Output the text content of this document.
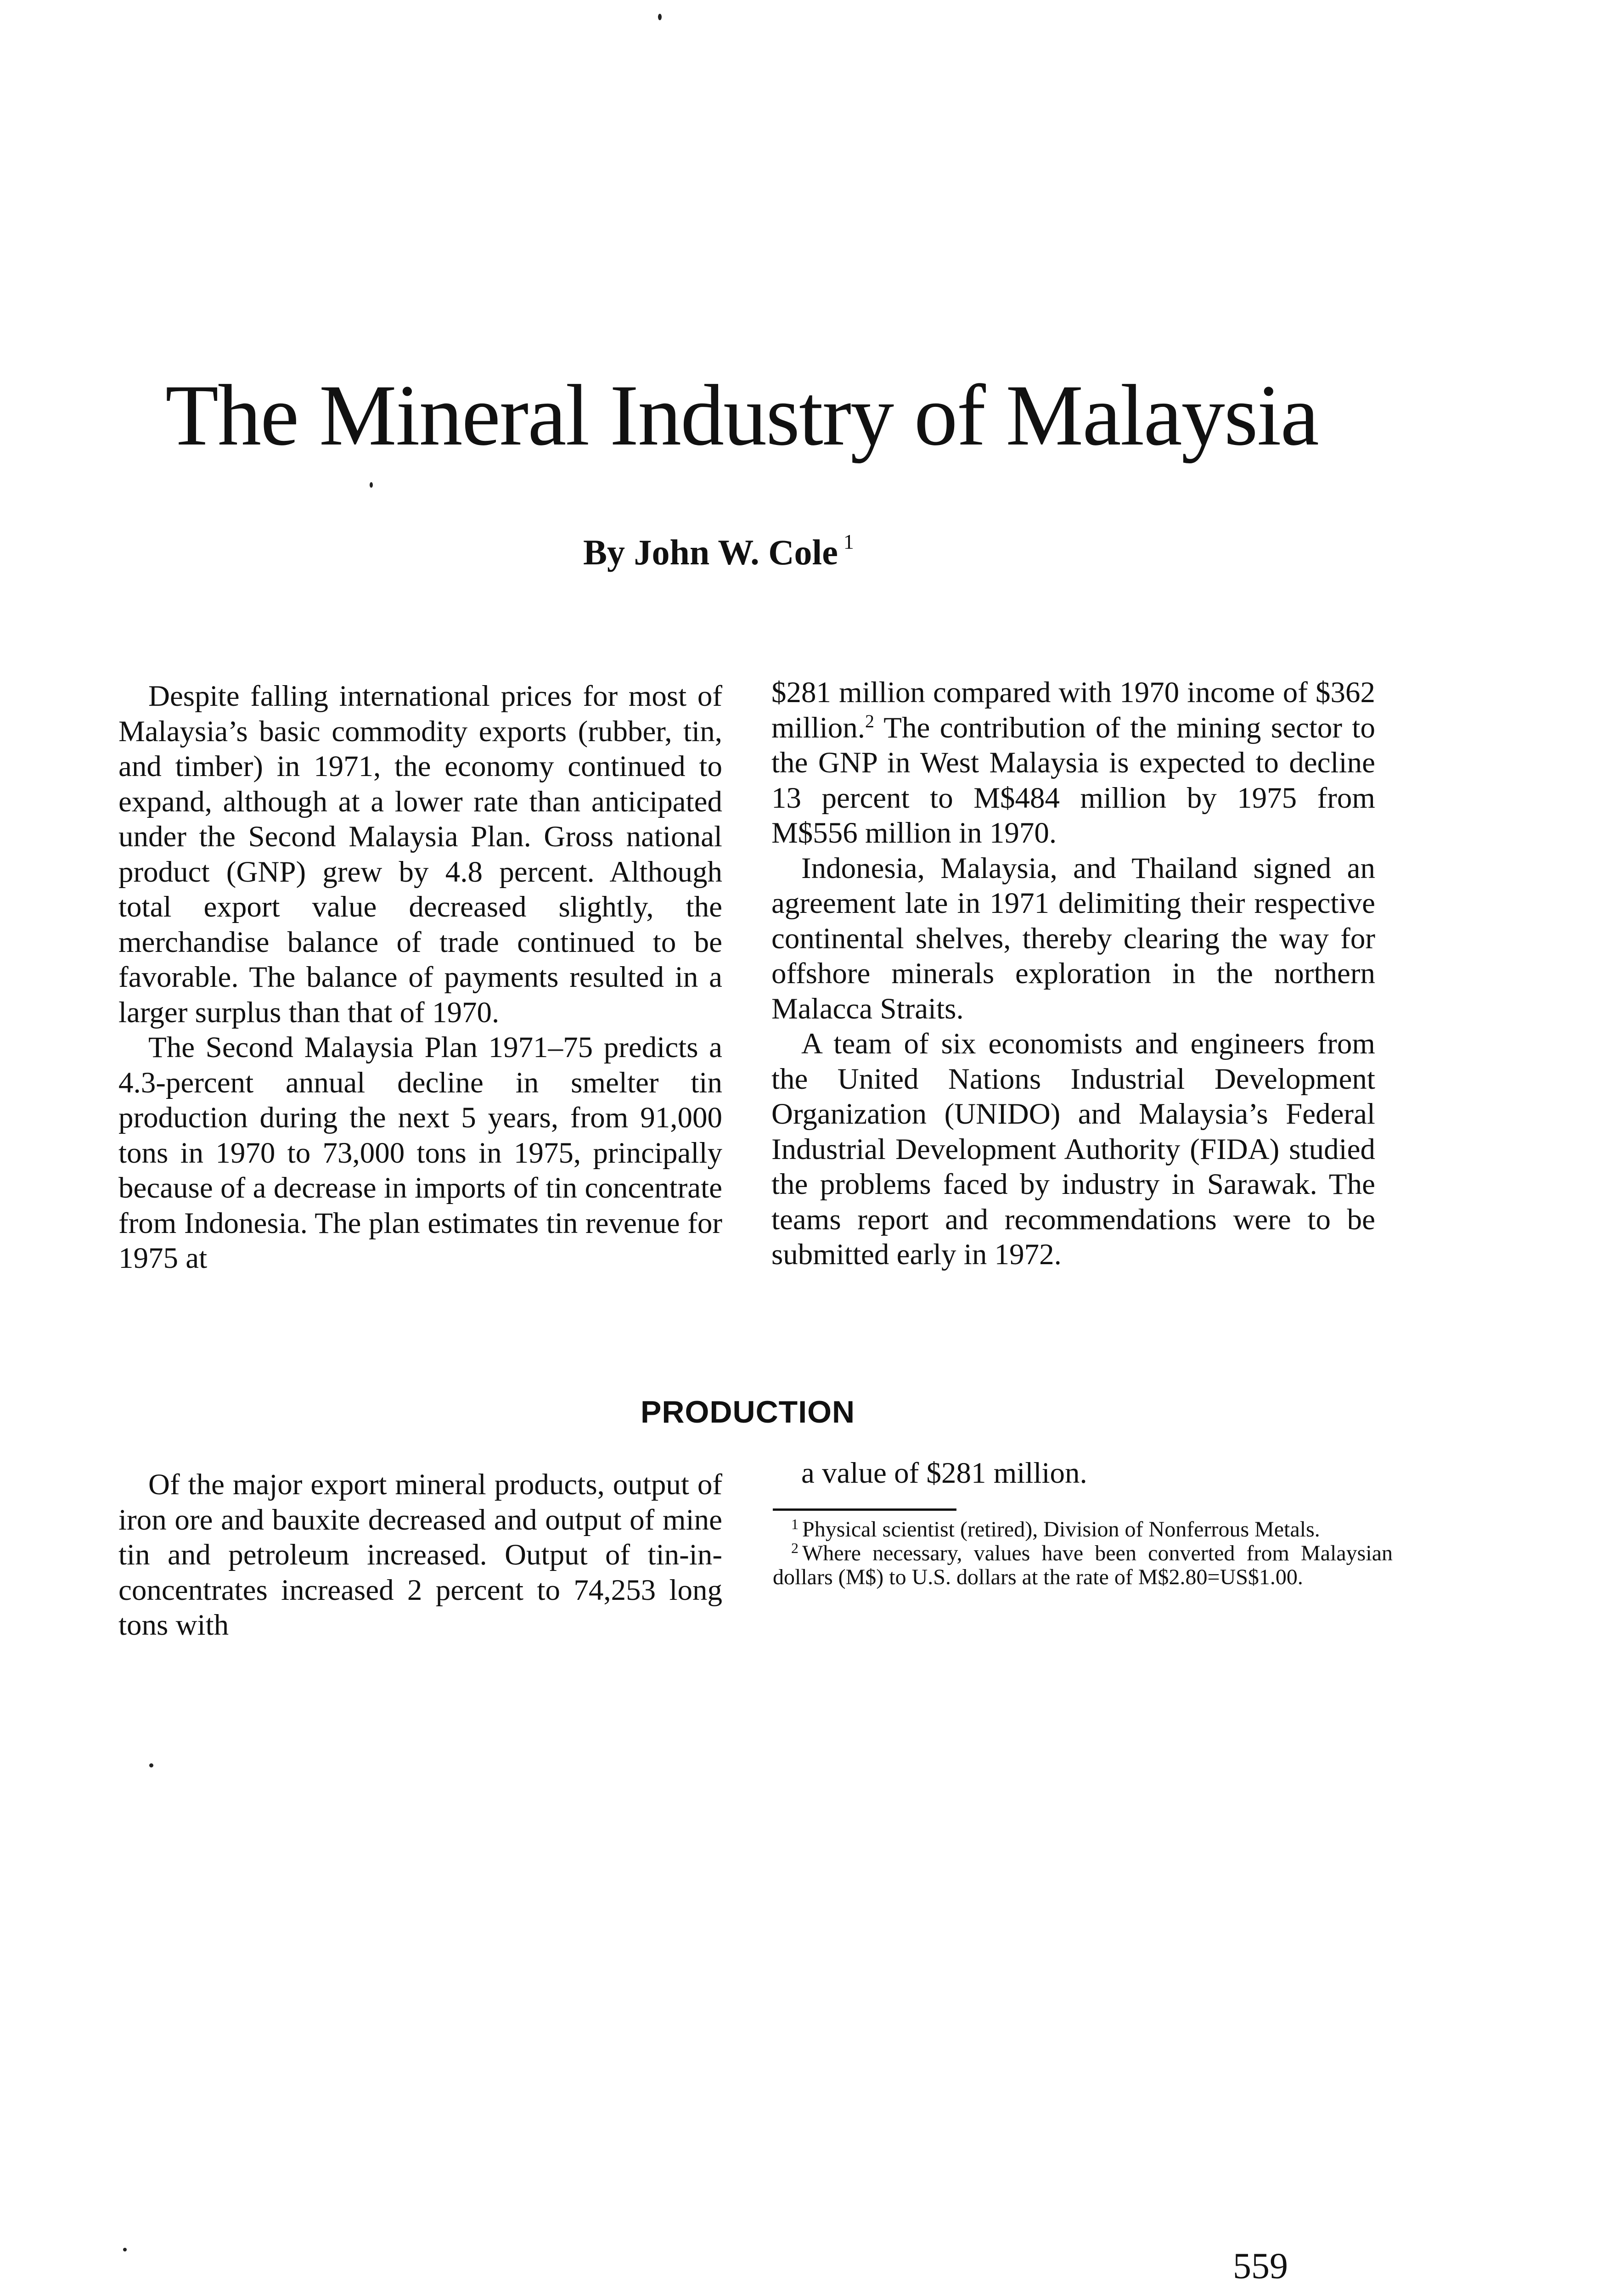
The Mineral Industry of Malaysia

By John W. Cole $^1$

Despite falling international prices for most of Malaysia’s basic commodity exports (rubber, tin, and timber) in 1971, the economy continued to expand, although at a lower rate than anticipated under the Second Malaysia Plan. Gross national product (GNP) grew by 4.8 percent. Although total export value decreased slightly, the merchandise balance of trade continued to be favorable. The balance of payments resulted in a larger surplus than that of 1970.

The Second Malaysia Plan 1971–75 predicts a 4.3-percent annual decline in smelter tin production during the next 5 years, from 91,000 tons in 1970 to 73,000 tons in 1975, principally because of a decrease in imports of tin concentrate from Indonesia. The plan estimates tin revenue for 1975 at

$281 million compared with 1970 income of $362 million.$^2$ The contribution of the mining sector to the GNP in West Malaysia is expected to decline 13 percent to M$484 million by 1975 from M$556 million in 1970.

Indonesia, Malaysia, and Thailand signed an agreement late in 1971 delimiting their respective continental shelves, thereby clearing the way for offshore minerals exploration in the northern Malacca Straits.

A team of six economists and engineers from the United Nations Industrial Development Organization (UNIDO) and Malaysia’s Federal Industrial Development Authority (FIDA) studied the problems faced by industry in Sarawak. The teams report and recommendations were to be submitted early in 1972.

PRODUCTION

Of the major export mineral products, output of iron ore and bauxite decreased and output of mine tin and petroleum increased. Output of tin-in-concentrates increased 2 percent to 74,253 long tons with

a value of $281 million.

$^1$ Physical scientist (retired), Division of Nonferrous Metals.

$^2$ Where necessary, values have been converted from Malaysian dollars (M$) to U.S. dollars at the rate of M$2.80=US$1.00.

559
